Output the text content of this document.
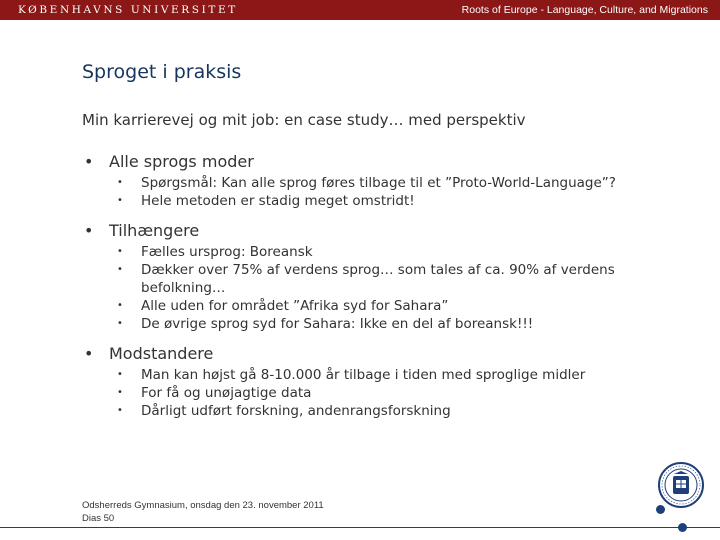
KØBENHAVNS UNIVERSITET	Roots of Europe - Language, Culture, and Migrations
Sproget i praksis
Min karrierevej og mit job: en case study… med perspektiv
• Alle sprogs moder
• Spørgsmål: Kan alle sprog føres tilbage til et ”Proto-World-Language”?
• Hele metoden er stadig meget omstridt!
• Tilhængere
• Fælles ursprog: Boreansk
• Dækker over 75% af verdens sprog… som tales af ca. 90% af verdens befolkning…
• Alle uden for området ”Afrika syd for Sahara”
• De øvrige sprog syd for Sahara: Ikke en del af boreansk!!!
• Modstandere
• Man kan højst gå 8-10.000 år tilbage i tiden med sproglige midler
• For få og unøjagtige data
• Dårligt udført forskning, andenrangsforskning
Odsherreds Gymnasium, onsdag den 23. november 2011
Dias 50
